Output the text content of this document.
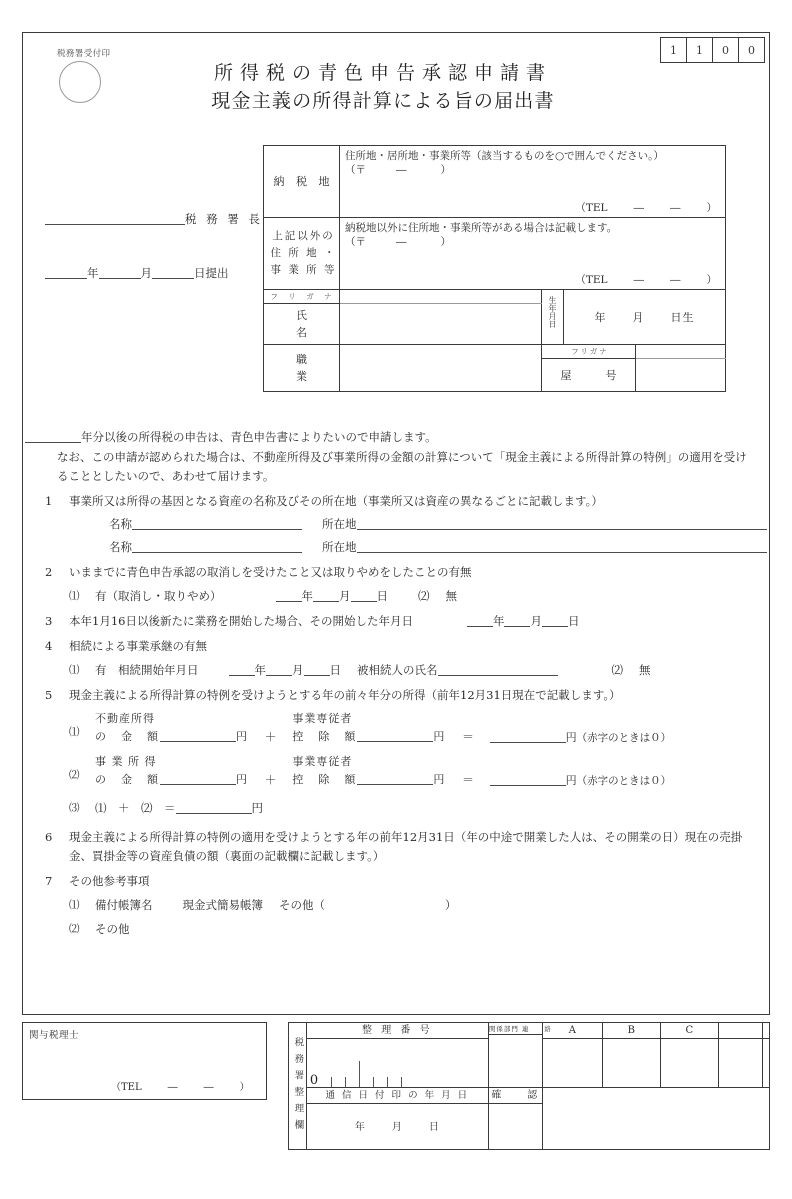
税務署受付印
所得税の青色申告承認申請書
現金主義の所得計算による旨の届出書
1	1	0	0
税 務 署 長
年	月	日提出
納 税 地	住所地・居所地・事業所等（該当するものを○で囲んでください。）
（〒 ― ）
（TEL ― ― ）			

上記以外の 住 所 地 ・ 事 業 所 等	納税地以外に住所地・事業所等がある場合は記載します。
（〒 ― ）
（TEL ― ― ）			

フ リ ガ ナ		生年月日	年 月 日生	
氏　　　名				
職　　　業		フリガナ		
		屋　　号		

年分以後の所得税の申告は、青色申告書によりたいので申請します。

なお、この申請が認められた場合は、不動産所得及び事業所得の金額の計算について「現金主義による所得計算の特例」の適用を受けることとしたいので、あわせて届けます。

1	事業所又は所得の基因となる資産の名称及びその所在地（事業所又は資産の異なるごとに記載します。）
名称	所在地
名称	所在地
2	いままでに青色申告承認の取消しを受けたこと又は取りやめをしたことの有無
⑴ 有（取消し・取りやめ）	年 月 日	⑵ 無
3	本年1月16日以後新たに業務を開始した場合、その開始した年月日	年 月 日
4	相続による事業承継の有無
⑴ 有　相続開始年月日	年 月 日 被相続人の氏名	⑵ 無
5	現金主義による所得計算の特例を受けようとする年の前々年分の所得（前年12月31日現在で記載します。）
⑴
不動産所得
の　金　額	円 ＋
事業専従者
控　除　額	円 ＝	円（赤字のときは０）
⑵
事 業 所 得
の　金　額	円 ＋
事業専従者
控　除　額	円 ＝	円（赤字のときは０）
⑶ ⑴　＋　⑵　＝	円
6	現金主義による所得計算の特例の適用を受けようとする年の前年12月31日（年の中途で開業した人は、その開業の日）現在の売掛金、買掛金等の資産負債の額（裏面の記載欄に記載します。）
7	その他参考事項
⑴ 備付帳簿名	現金式簡易帳簿 その他（	）
⑵ その他
関与税理士
（TEL	―	―	）	税務署整理欄
整 理 番 号
0
関係部門 連　　絡	A	B	C

通 信 日 付 印 の 年 月 日
年	月	日
確　　認
